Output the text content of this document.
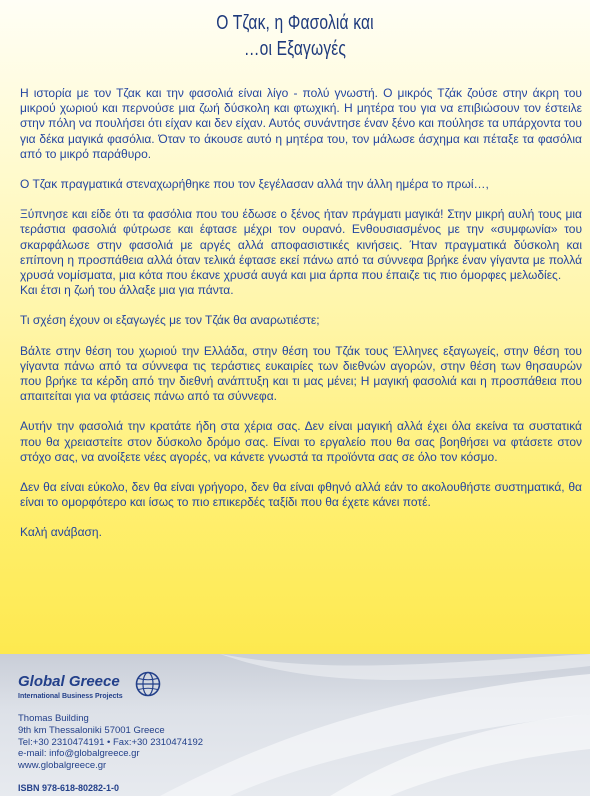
Ο Τζακ, η Φασολιά και
…οι Εξαγωγές

Η ιστορία με τον Τζακ και την φασολιά είναι λίγο - πολύ γνωστή. Ο μικρός Τζάκ ζούσε στην άκρη του μικρού χωριού και περνούσε μια ζωή δύσκολη και φτωχική. Η μητέρα του για να επιβιώσουν τον έστειλε στην πόλη να πουλήσει ότι είχαν και δεν είχαν. Αυτός συνάντησε έναν ξένο και πούλησε τα υπάρχοντα του για δέκα μαγικά φασόλια. Όταν το άκουσε αυτό η μητέρα του, τον μάλωσε άσχημα και πέταξε τα φασόλια από το μικρό παράθυρο.

Ο Τζακ πραγματικά στεναχωρήθηκε που τον ξεγέλασαν αλλά την άλλη ημέρα το πρωί…,

Ξύπνησε και είδε ότι τα φασόλια που του έδωσε ο ξένος ήταν πράγματι μαγικά! Στην μικρή αυλή τους μια τεράστια φασολιά φύτρωσε και έφτασε μέχρι τον ουρανό. Ενθουσιασμένος με την «συμφωνία» του σκαρφάλωσε στην φασολιά με αργές αλλά αποφασιστικές κινήσεις. Ήταν πραγματικά δύσκολη και επίπονη η προσπάθεια αλλά όταν τελικά έφτασε εκεί πάνω από τα σύννεφα βρήκε έναν γίγαντα με πολλά χρυσά νομίσματα, μια κότα που έκανε χρυσά αυγά και μια άρπα που έπαιζε τις πιο όμορφες μελωδίες.

Και έτσι η ζωή του άλλαξε μια για πάντα.

Τι σχέση έχουν οι εξαγωγές με τον Τζάκ θα αναρωτιέστε;

Βάλτε στην θέση του χωριού την Ελλάδα, στην θέση του Τζάκ τους Έλληνες εξαγωγείς, στην θέση του γίγαντα πάνω από τα σύννεφα τις τεράστιες ευκαιρίες των διεθνών αγορών, στην θέση των θησαυρών που βρήκε τα κέρδη από την διεθνή ανάπτυξη και τι μας μένει; Η μαγική φασολιά και η προσπάθεια που απαιτείται για να φτάσεις πάνω από τα σύννεφα.

Αυτήν την φασολιά την κρατάτε ήδη στα χέρια σας. Δεν είναι μαγική αλλά έχει όλα εκείνα τα συστατικά που θα χρειαστείτε στον δύσκολο δρόμο σας. Είναι το εργαλείο που θα σας βοηθήσει να φτάσετε στον στόχο σας, να ανοίξετε νέες αγορές, να κάνετε γνωστά τα προϊόντα σας σε όλο τον κόσμο.

Δεν θα είναι εύκολο, δεν θα είναι γρήγορο, δεν θα είναι φθηνό αλλά εάν το ακολουθήστε συστηματικά, θα είναι το ομορφότερο και ίσως το πιο επικερδές ταξίδι που θα έχετε κάνει ποτέ.

Καλή ανάβαση.

Global Greece
International Business Projects
Thomas Building
9th km Thessaloniki 57001 Greece
Tel:+30 2310474191 • Fax:+30 2310474192
e-mail: info@globalgreece.gr
www.globalgreece.gr
ISBN 978-618-80282-1-0
